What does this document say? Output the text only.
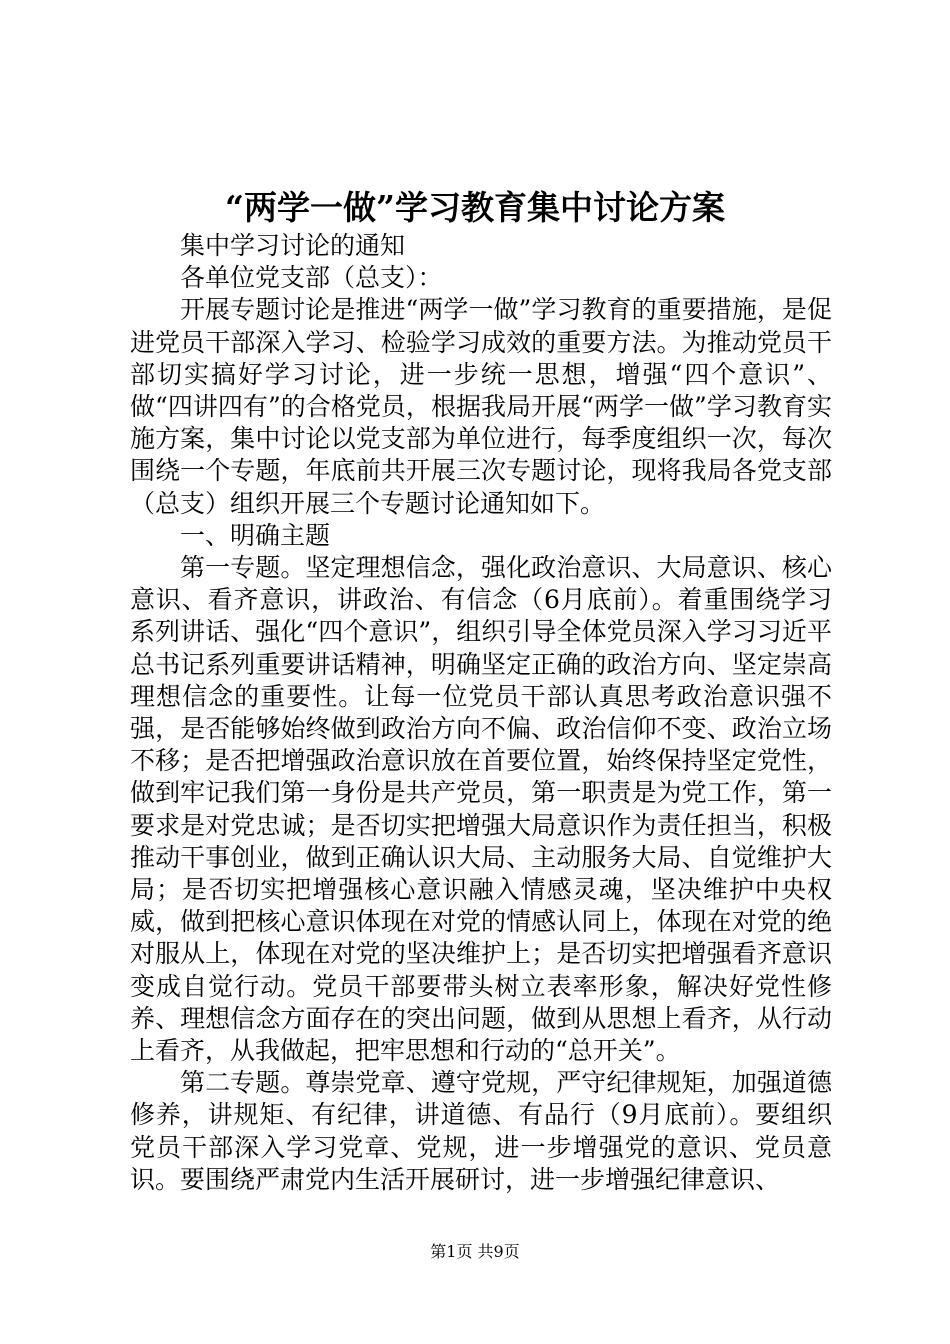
“两学一做”学习教育集中讨论方案

集中学习讨论的通知

各单位党支部（总支）：

开展专题讨论是推进“两学一做”学习教育的重要措施，是促进党员干部深入学习、检验学习成效的重要方法。为推动党员干部切实搞好学习讨论，进一步统一思想，增强“四个意识”、做“四讲四有”的合格党员，根据我局开展“两学一做”学习教育实施方案，集中讨论以党支部为单位进行，每季度组织一次，每次围绕一个专题，年底前共开展三次专题讨论，现将我局各党支部（总支）组织开展三个专题讨论通知如下。

一、明确主题

第一专题。坚定理想信念，强化政治意识、大局意识、核心意识、看齐意识，讲政治、有信念（6月底前）。着重围绕学习系列讲话、强化“四个意识”，组织引导全体党员深入学习习近平总书记系列重要讲话精神，明确坚定正确的政治方向、坚定崇高理想信念的重要性。让每一位党员干部认真思考政治意识强不强，是否能够始终做到政治方向不偏、政治信仰不变、政治立场不移；是否把增强政治意识放在首要位置，始终保持坚定党性，做到牢记我们第一身份是共产党员，第一职责是为党工作，第一要求是对党忠诚；是否切实把增强大局意识作为责任担当，积极推动干事创业，做到正确认识大局、主动服务大局、自觉维护大局；是否切实把增强核心意识融入情感灵魂，坚决维护中央权威，做到把核心意识体现在对党的情感认同上，体现在对党的绝对服从上，体现在对党的坚决维护上；是否切实把增强看齐意识变成自觉行动。党员干部要带头树立表率形象，解决好党性修养、理想信念方面存在的突出问题，做到从思想上看齐，从行动上看齐，从我做起，把牢思想和行动的“总开关”。

第二专题。尊崇党章、遵守党规，严守纪律规矩，加强道德修养，讲规矩、有纪律，讲道德、有品行（9月底前）。要组织党员干部深入学习党章、党规，进一步增强党的意识、党员意识。要围绕严肃党内生活开展研讨，进一步增强纪律意识、

第1页 共9页
